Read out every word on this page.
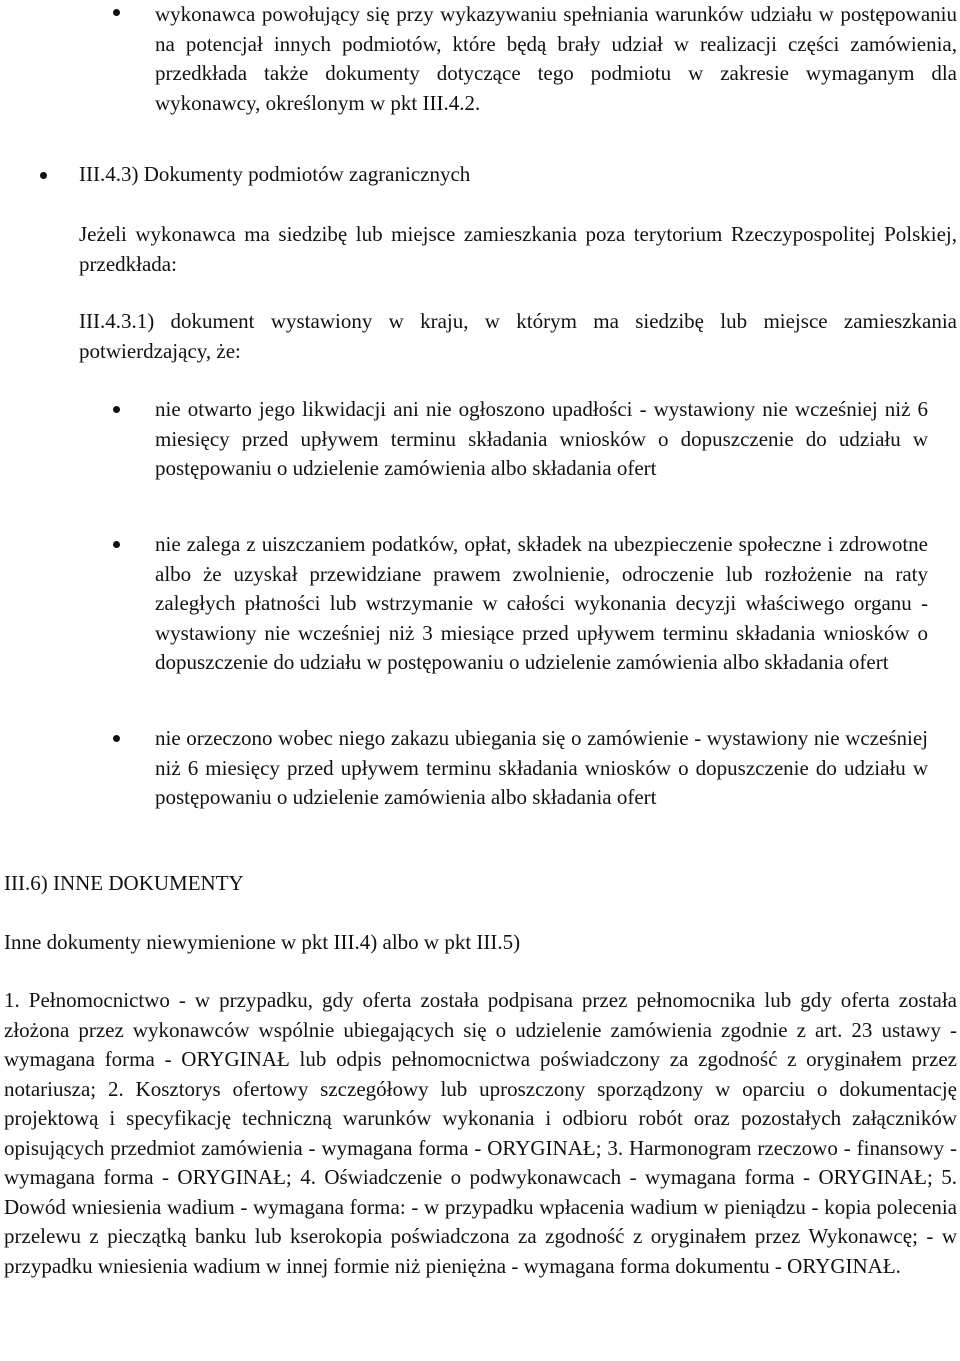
wykonawca powołujący się przy wykazywaniu spełniania warunków udziału w postępowaniu na potencjał innych podmiotów, które będą brały udział w realizacji części zamówienia, przedkłada także dokumenty dotyczące tego podmiotu w zakresie wymaganym dla wykonawcy, określonym w pkt III.4.2.
III.4.3) Dokumenty podmiotów zagranicznych

Jeżeli wykonawca ma siedzibę lub miejsce zamieszkania poza terytorium Rzeczypospolitej Polskiej, przedkłada:

III.4.3.1) dokument wystawiony w kraju, w którym ma siedzibę lub miejsce zamieszkania potwierdzający, że:

nie otwarto jego likwidacji ani nie ogłoszono upadłości - wystawiony nie wcześniej niż 6 miesięcy przed upływem terminu składania wniosków o dopuszczenie do udziału w postępowaniu o udzielenie zamówienia albo składania ofert
nie zalega z uiszczaniem podatków, opłat, składek na ubezpieczenie społeczne i zdrowotne albo że uzyskał przewidziane prawem zwolnienie, odroczenie lub rozłożenie na raty zaległych płatności lub wstrzymanie w całości wykonania decyzji właściwego organu - wystawiony nie wcześniej niż 3 miesiące przed upływem terminu składania wniosków o dopuszczenie do udziału w postępowaniu o udzielenie zamówienia albo składania ofert
nie orzeczono wobec niego zakazu ubiegania się o zamówienie - wystawiony nie wcześniej niż 6 miesięcy przed upływem terminu składania wniosków o dopuszczenie do udziału w postępowaniu o udzielenie zamówienia albo składania ofert
III.6) INNE DOKUMENTY
Inne dokumenty niewymienione w pkt III.4) albo w pkt III.5)

1. Pełnomocnictwo - w przypadku, gdy oferta została podpisana przez pełnomocnika lub gdy oferta została złożona przez wykonawców wspólnie ubiegających się o udzielenie zamówienia zgodnie z art. 23 ustawy - wymagana forma - ORYGINAŁ lub odpis pełnomocnictwa poświadczony za zgodność z oryginałem przez notariusza; 2. Kosztorys ofertowy szczegółowy lub uproszczony sporządzony w oparciu o dokumentację projektową i specyfikację techniczną warunków wykonania i odbioru robót oraz pozostałych załączników opisujących przedmiot zamówienia - wymagana forma - ORYGINAŁ; 3. Harmonogram rzeczowo - finansowy - wymagana forma - ORYGINAŁ; 4. Oświadczenie o podwykonawcach - wymagana forma - ORYGINAŁ; 5. Dowód wniesienia wadium - wymagana forma: - w przypadku wpłacenia wadium w pieniądzu - kopia polecenia przelewu z pieczątką banku lub kserokopia poświadczona za zgodność z oryginałem przez Wykonawcę; - w przypadku wniesienia wadium w innej formie niż pieniężna - wymagana forma dokumentu - ORYGINAŁ.
